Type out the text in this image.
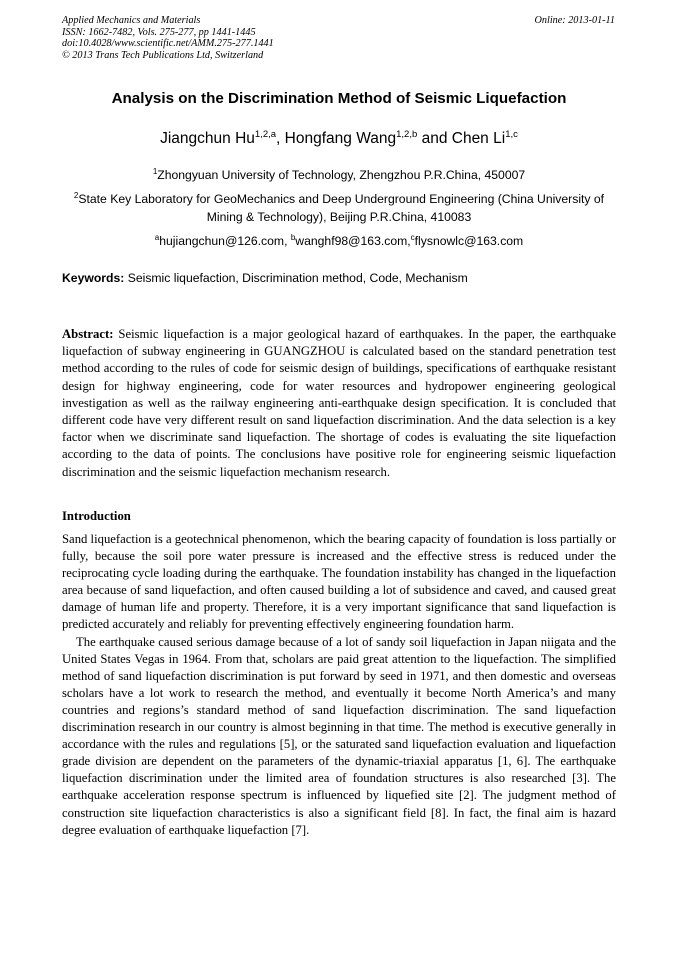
Applied Mechanics and Materials
ISSN: 1662-7482, Vols. 275-277, pp 1441-1445
doi:10.4028/www.scientific.net/AMM.275-277.1441
© 2013 Trans Tech Publications Ltd, Switzerland
Online: 2013-01-11
Analysis on the Discrimination Method of Seismic Liquefaction
Jiangchun Hu$^{1,2,a}$, Hongfang Wang$^{1,2,b}$ and Chen Li$^{1,c}$
$^1$Zhongyuan University of Technology, Zhengzhou P.R.China, 450007
$^2$State Key Laboratory for GeoMechanics and Deep Underground Engineering (China University of Mining & Technology), Beijing P.R.China, 410083
$^a$hujiangchun@126.com, $^b$wanghf98@163.com,$^c$flysnowlc@163.com
Keywords: Seismic liquefaction, Discrimination method, Code, Mechanism
Abstract: Seismic liquefaction is a major geological hazard of earthquakes. In the paper, the earthquake liquefaction of subway engineering in GUANGZHOU is calculated based on the standard penetration test method according to the rules of code for seismic design of buildings, specifications of earthquake resistant design for highway engineering, code for water resources and hydropower engineering geological investigation as well as the railway engineering anti-earthquake design specification. It is concluded that different code have very different result on sand liquefaction discrimination. And the data selection is a key factor when we discriminate sand liquefaction. The shortage of codes is evaluating the site liquefaction according to the data of points. The conclusions have positive role for engineering seismic liquefaction discrimination and the seismic liquefaction mechanism research.
Introduction

Sand liquefaction is a geotechnical phenomenon, which the bearing capacity of foundation is loss partially or fully, because the soil pore water pressure is increased and the effective stress is reduced under the reciprocating cycle loading during the earthquake. The foundation instability has changed in the liquefaction area because of sand liquefaction, and often caused building a lot of subsidence and caved, and caused great damage of human life and property. Therefore, it is a very important significance that sand liquefaction is predicted accurately and reliably for preventing effectively engineering foundation harm.

The earthquake caused serious damage because of a lot of sandy soil liquefaction in Japan niigata and the United States Vegas in 1964. From that, scholars are paid great attention to the liquefaction. The simplified method of sand liquefaction discrimination is put forward by seed in 1971, and then domestic and overseas scholars have a lot work to research the method, and eventually it become North America’s and many countries and regions’s standard method of sand liquefaction discrimination. The sand liquefaction discrimination research in our country is almost beginning in that time. The method is executive generally in accordance with the rules and regulations [5], or the saturated sand liquefaction evaluation and liquefaction grade division are dependent on the parameters of the dynamic-triaxial apparatus [1, 6]. The earthquake liquefaction discrimination under the limited area of foundation structures is also researched [3]. The earthquake acceleration response spectrum is influenced by liquefied site [2]. The judgment method of construction site liquefaction characteristics is also a significant field [8]. In fact, the final aim is hazard degree evaluation of earthquake liquefaction [7].
